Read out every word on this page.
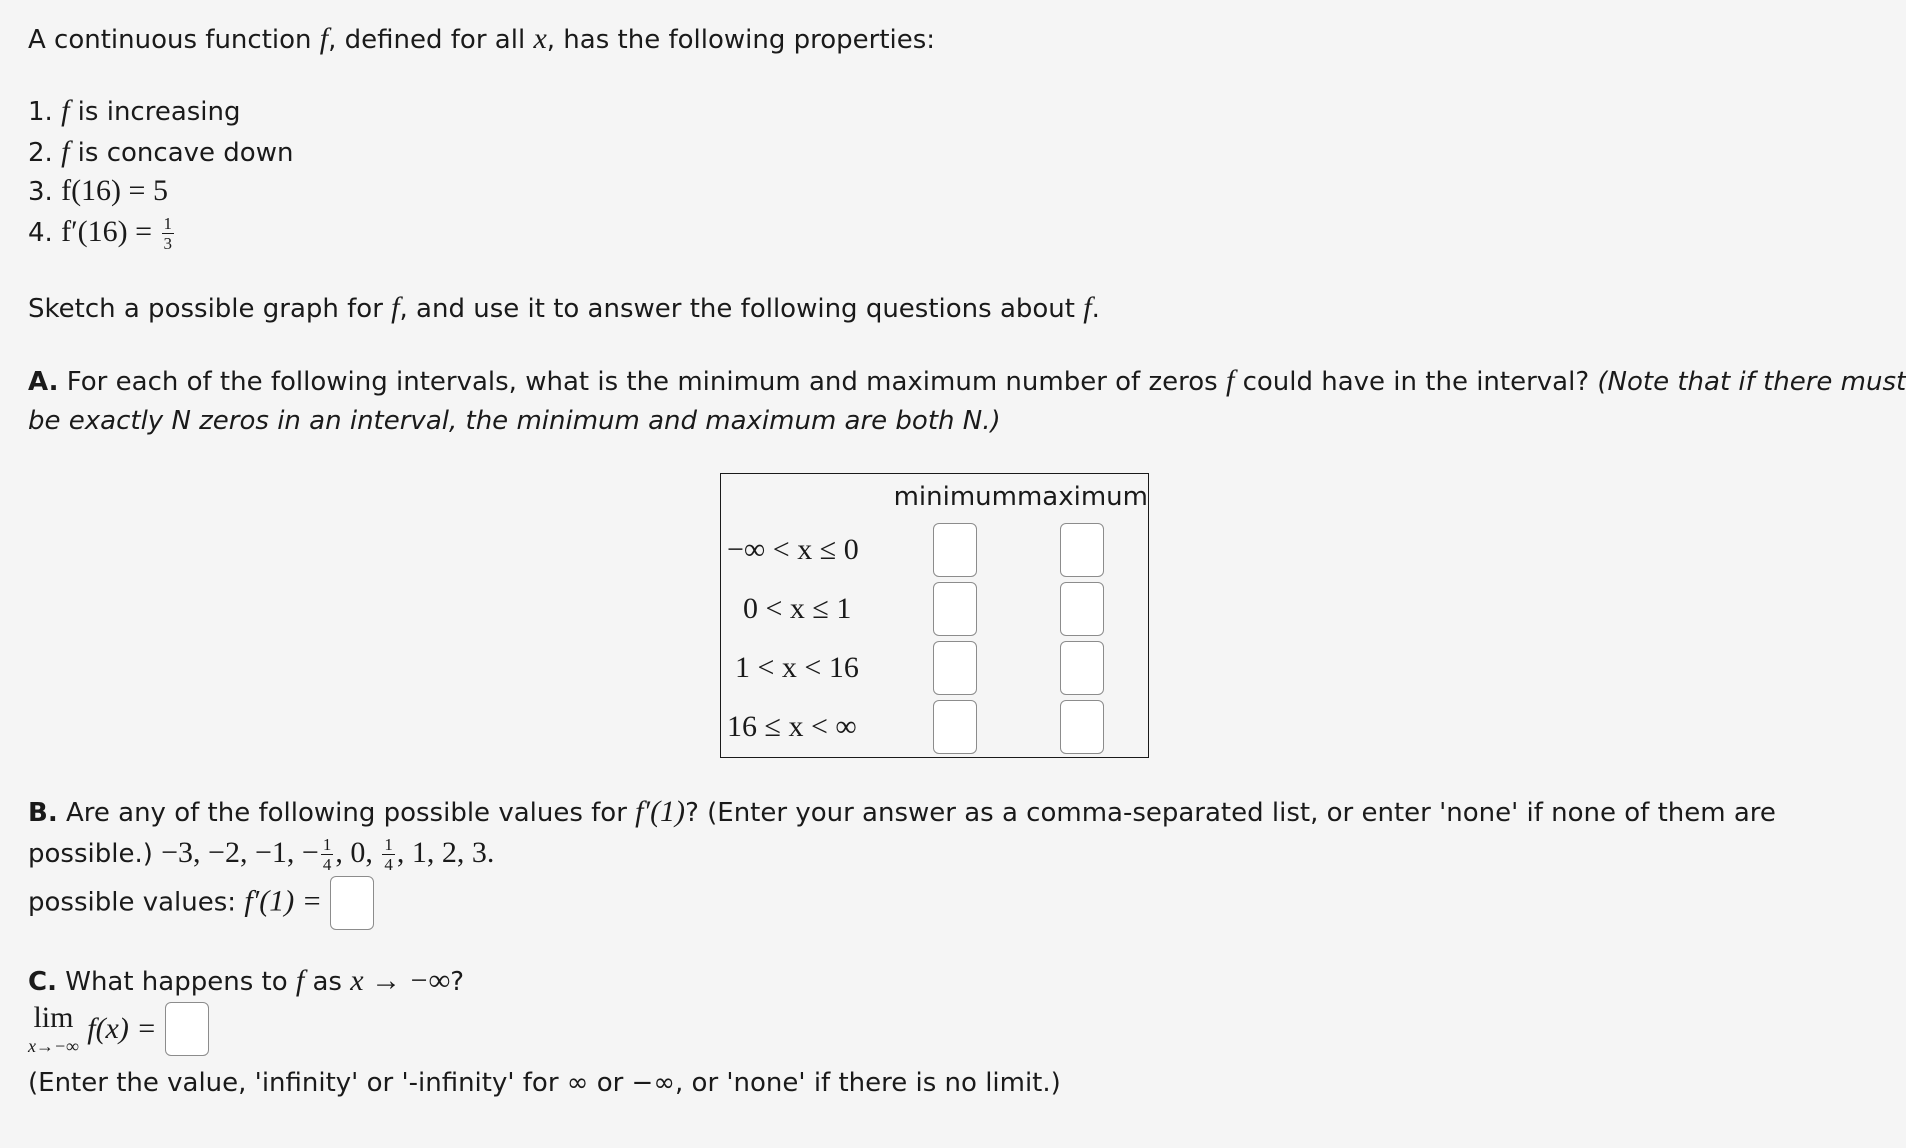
A continuous function f, defined for all x, has the following properties:
1. f is increasing
2. f is concave down
3. f(16) = 5
4. $f'(16) = \frac{1}{3}$
Sketch a possible graph for f, and use it to answer the following questions about f.
A. For each of the following intervals, what is the minimum and maximum number of zeros f could have in the interval? (Note that if there must
be exactly N zeros in an interval, the minimum and maximum are both N.)
	minimum	maximum
−∞ < x ≤ 0		
0 < x ≤ 1		
1 < x < 16		
16 ≤ x < ∞		
B. Are any of the following possible values for f′(1)? (Enter your answer as a comma-separated list, or enter 'none' if none of them are
possible.) −3, −2, −1, − $\frac{1}{4}$ , 0, $\frac{1}{4}$ , 1, 2, 3.
possible values: f′(1) =
C. What happens to f as x → −∞?
lim
x→−∞
f(x) =
(Enter the value, 'infinity' or '-infinity' for ∞ or −∞, or 'none' if there is no limit.)
